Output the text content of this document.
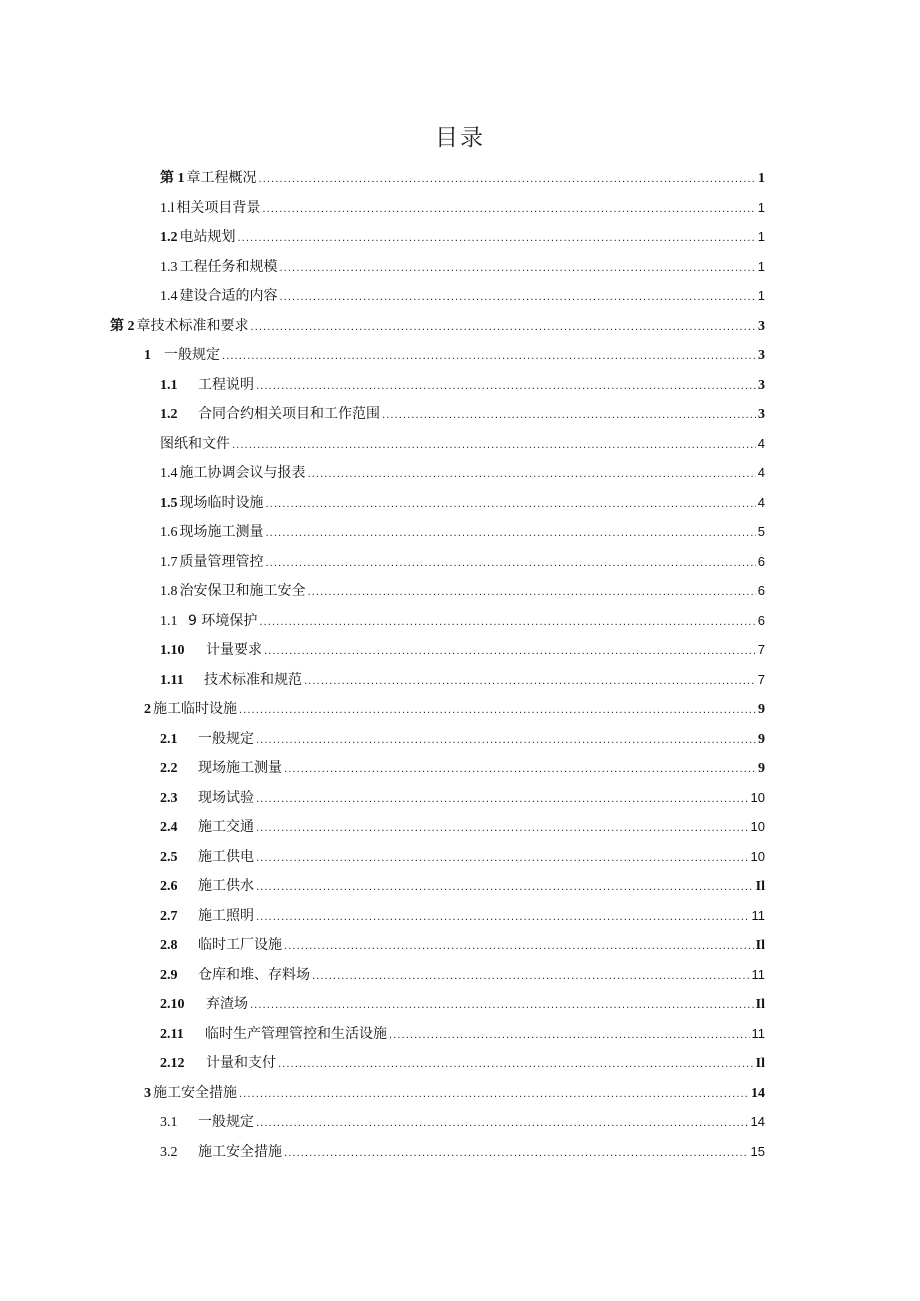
目录
第 1 章工程概况 .....	1
1.l 相关项目背景 .....	1
1.2 电站规划 .....	1
1.3 工程任务和规模 .....	1
1.4 建设合适的内容 .....	1
第 2 章技术标准和要求 .....	3
1 一般规定 .....	3
1.1	工程说明 .....	3
1.2	合同合约相关项目和工作范围 .....	3
图纸和文件 .....	4
1.4 施工协调会议与报表 .....	4
1.5 现场临时设施 .....	4
1.6 现场施工测量 .....	5
1.7 质量管理管控 .....	6
1.8 治安保卫和施工安全 .....	6
1.1 9 环境保护 .....	6
1.10	计量要求 .....	7
1.11	技术标准和规范 .....	7
2 施工临时设施 .....	9
2.1	一般规定 .....	9
2.2	现场施工测量 .....	9
2.3	现场试验 .....	10
2.4	施工交通 .....	10
2.5	施工供电 .....	10
2.6	施工供水 .....	Il
2.7	施工照明 .....	11
2.8	临时工厂设施 .....	Il
2.9	仓库和堆、存料场 .....	11
2.10	弃渣场 .....	Il
2.11	临时生产管理管控和生活设施 .....	11
2.12	计量和支付 .....	Il
3 施工安全措施 .....	14
3.1	一般规定 .....	14
3.2	施工安全措施 .....	15
